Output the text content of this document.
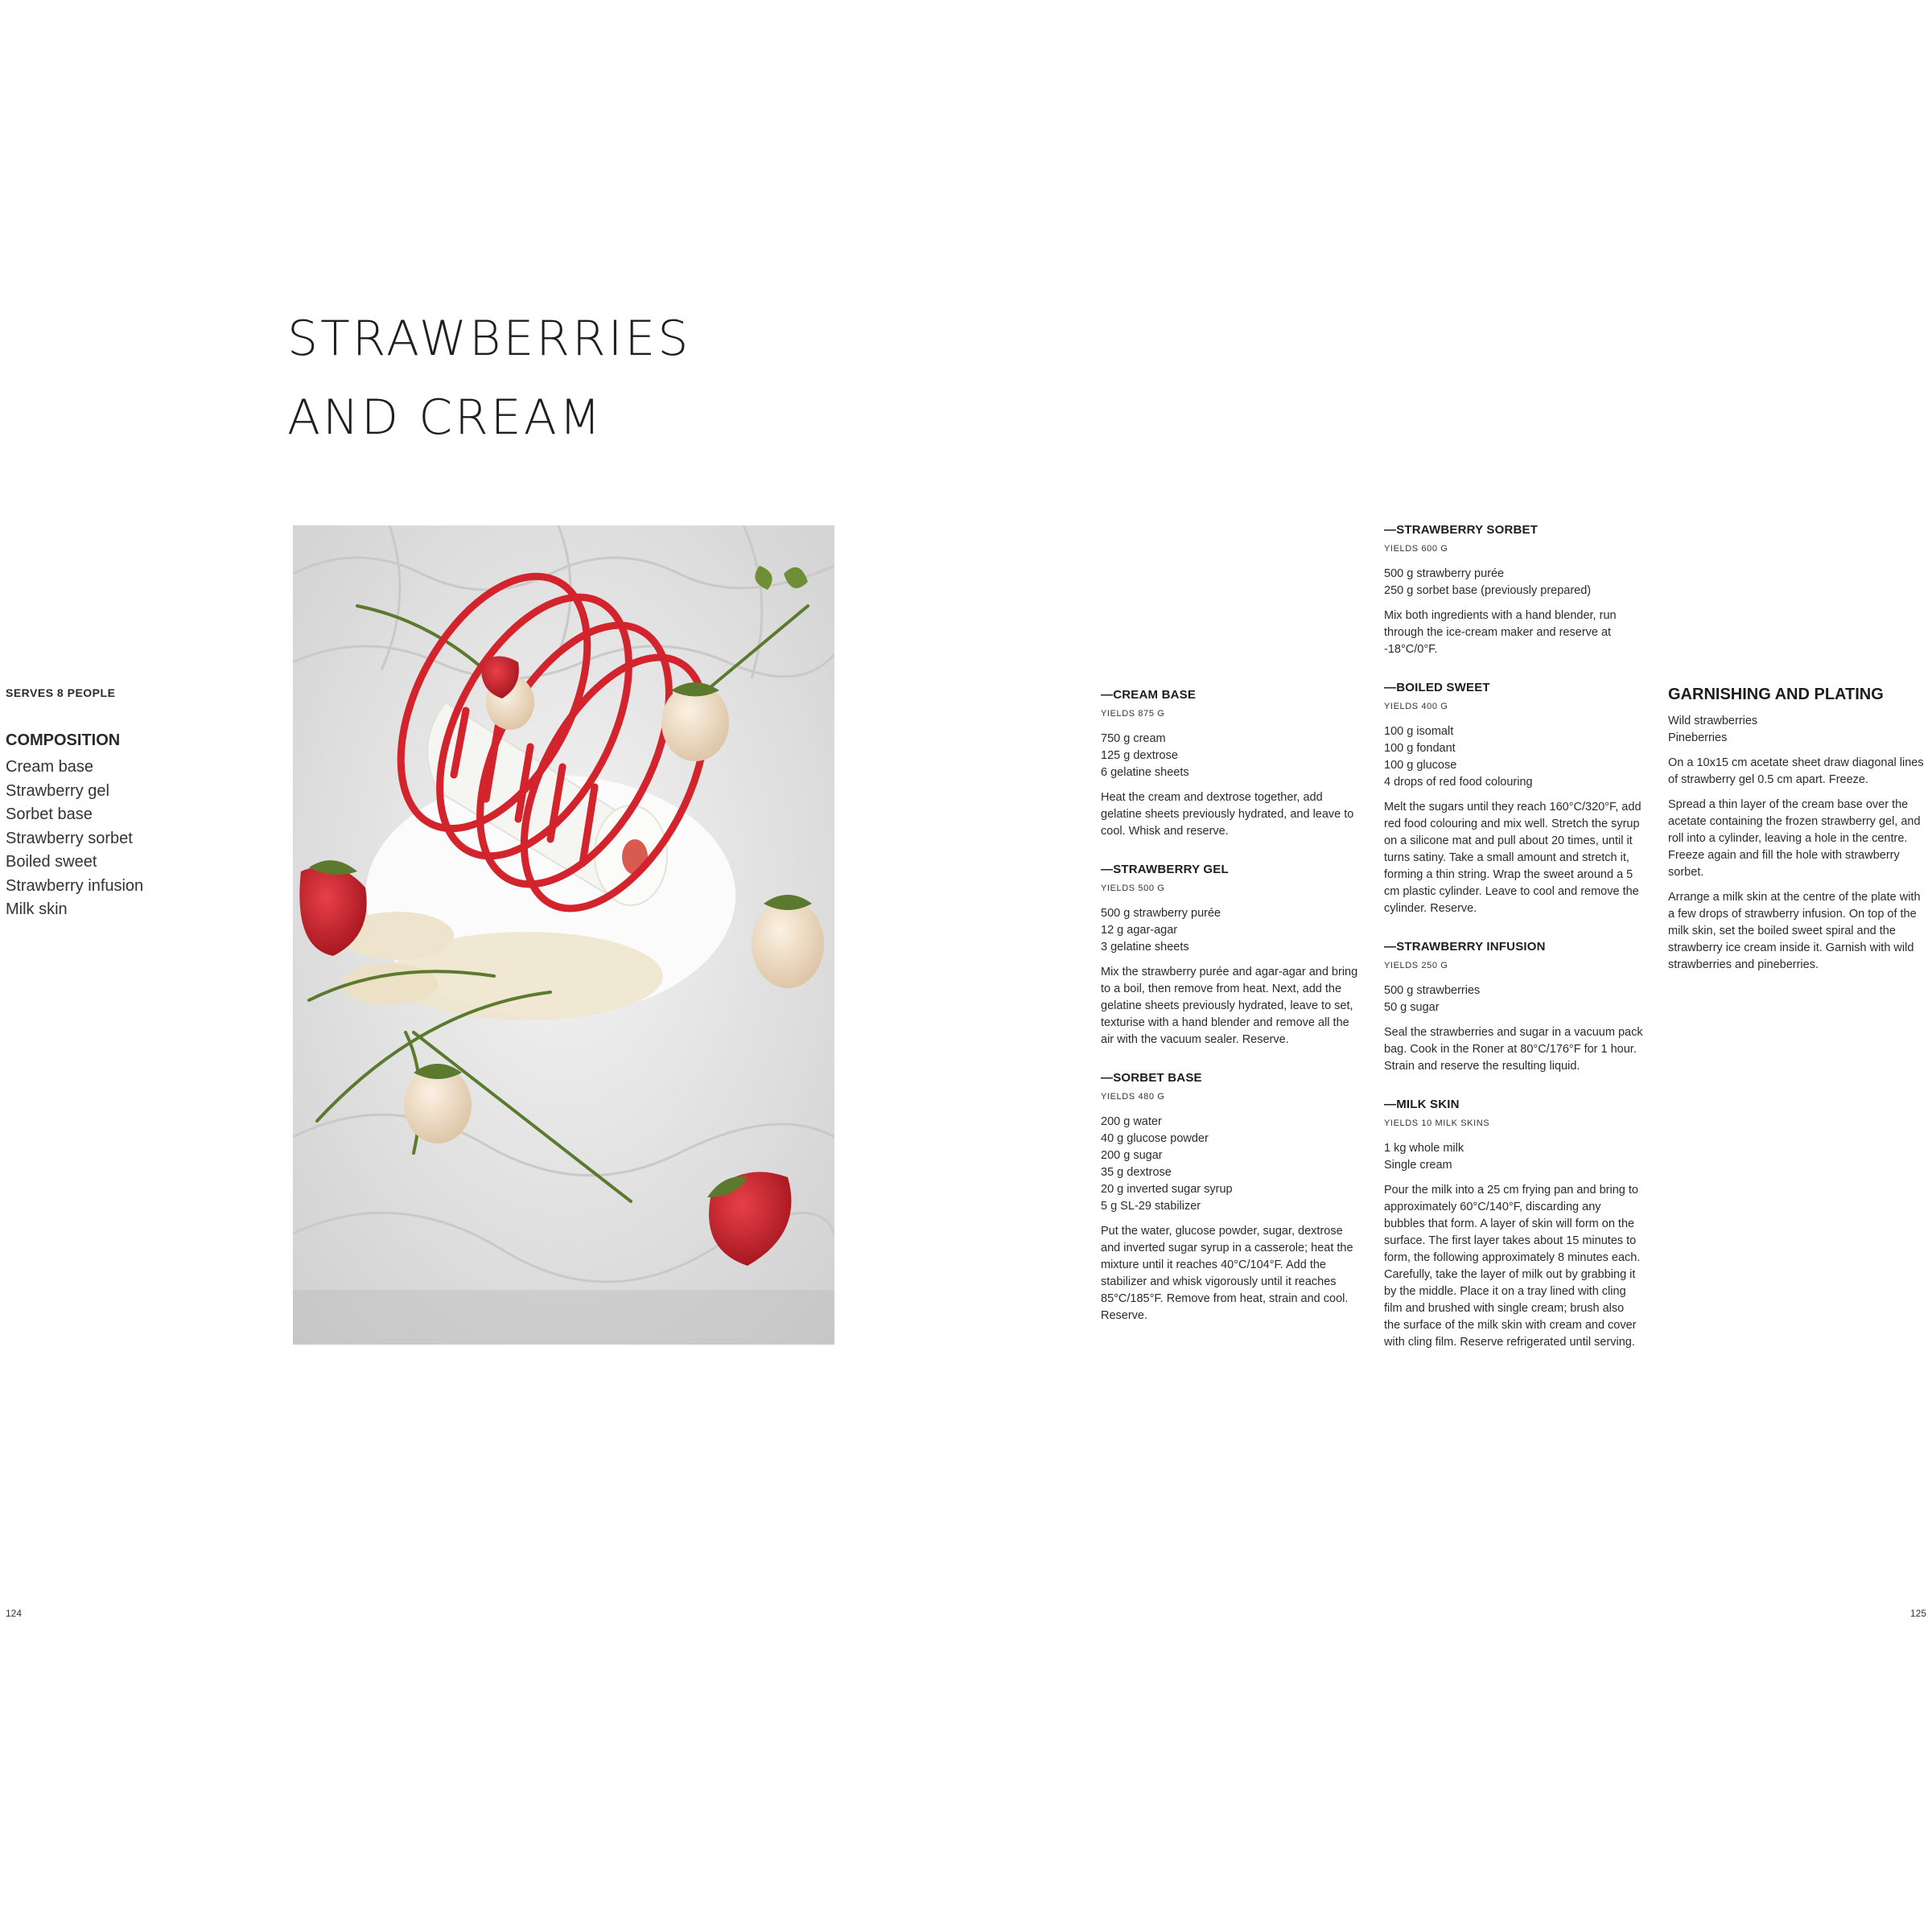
STRAWBERRIES
AND CREAM
SERVES 8 PEOPLE
COMPOSITION
Cream base
Strawberry gel
Sorbet base
Strawberry sorbet
Boiled sweet
Strawberry infusion
Milk skin
—CREAM BASE
YIELDS 875 G
750 g cream
125 g dextrose
6 gelatine sheets

Heat the cream and dextrose together, add gelatine sheets previously hydrated, and leave to cool. Whisk and reserve.

—STRAWBERRY GEL
YIELDS 500 G
500 g strawberry purée
12 g agar-agar
3 gelatine sheets

Mix the strawberry purée and agar-agar and bring to a boil, then remove from heat. Next, add the gelatine sheets previously hydrated, leave to set, texturise with a hand blender and remove all the air with the vacuum sealer. Reserve.

—SORBET BASE
YIELDS 480 G
200 g water
40 g glucose powder
200 g sugar
35 g dextrose
20 g inverted sugar syrup
5 g SL-29 stabilizer

Put the water, glucose powder, sugar, dextrose and inverted sugar syrup in a casserole; heat the mixture until it reaches 40°C/104°F. Add the stabilizer and whisk vigorously until it reaches 85°C/185°F. Remove from heat, strain and cool. Reserve.

—STRAWBERRY SORBET
YIELDS 600 G
500 g strawberry purée
250 g sorbet base (previously prepared)

Mix both ingredients with a hand blender, run through the ice-cream maker and reserve at -18°C/0°F.

—BOILED SWEET
YIELDS 400 G
100 g isomalt
100 g fondant
100 g glucose
4 drops of red food colouring

Melt the sugars until they reach 160°C/320°F, add red food colouring and mix well. Stretch the syrup on a silicone mat and pull about 20 times, until it turns satiny. Take a small amount and stretch it, forming a thin string. Wrap the sweet around a 5 cm plastic cylinder. Leave to cool and remove the cylinder. Reserve.

—STRAWBERRY INFUSION
YIELDS 250 G
500 g strawberries
50 g sugar

Seal the strawberries and sugar in a vacuum pack bag. Cook in the Roner at 80°C/176°F for 1 hour. Strain and reserve the resulting liquid.

—MILK SKIN
YIELDS 10 MILK SKINS
1 kg whole milk
Single cream

Pour the milk into a 25 cm frying pan and bring to approximately 60°C/140°F, discarding any bubbles that form. A layer of skin will form on the surface. The first layer takes about 15 minutes to form, the following approximately 8 minutes each. Carefully, take the layer of milk out by grabbing it by the middle. Place it on a tray lined with cling film and brushed with single cream; brush also the surface of the milk skin with cream and cover with cling film. Reserve refrigerated until serving.

GARNISHING AND PLATING
Wild strawberries
Pineberries

On a 10x15 cm acetate sheet draw diagonal lines of strawberry gel 0.5 cm apart. Freeze.

Spread a thin layer of the cream base over the acetate containing the frozen strawberry gel, and roll into a cylinder, leaving a hole in the centre. Freeze again and fill the hole with strawberry sorbet.

Arrange a milk skin at the centre of the plate with a few drops of strawberry infusion. On top of the milk skin, set the boiled sweet spiral and the strawberry ice cream inside it. Garnish with wild strawberries and pineberries.

124	125
